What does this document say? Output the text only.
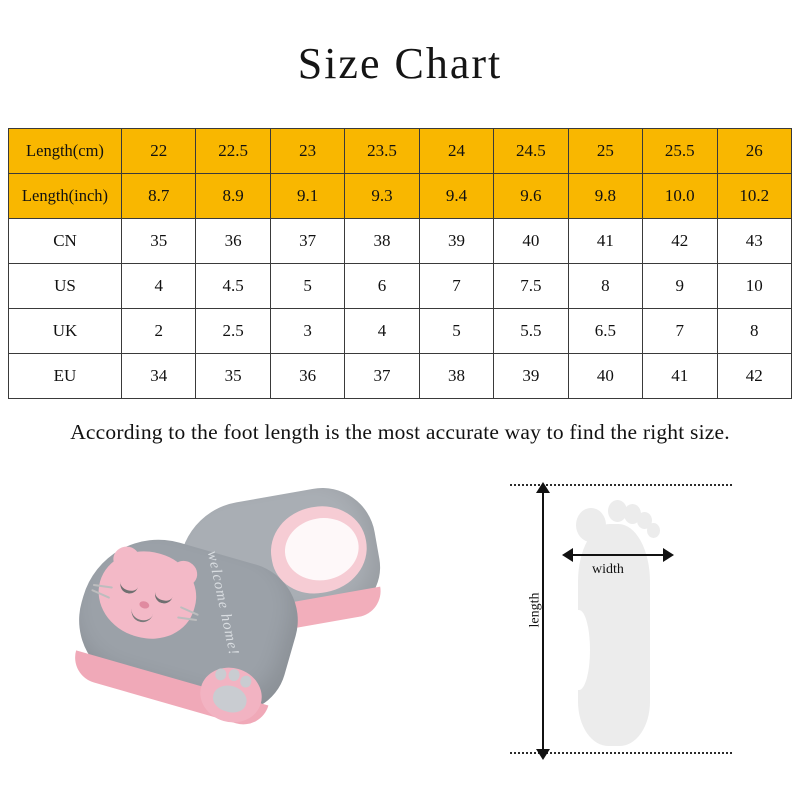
Size Chart
Length(cm)	22	22.5	23	23.5	24	24.5	25	25.5	26
Length(inch)	8.7	8.9	9.1	9.3	9.4	9.6	9.8	10.0	10.2
CN	35	36	37	38	39	40	41	42	43
US	4	4.5	5	6	7	7.5	8	9	10
UK	2	2.5	3	4	5	5.5	6.5	7	8
EU	34	35	36	37	38	39	40	41	42
According to the foot length is the most accurate way to find the right size.
welcome home!	length
width
